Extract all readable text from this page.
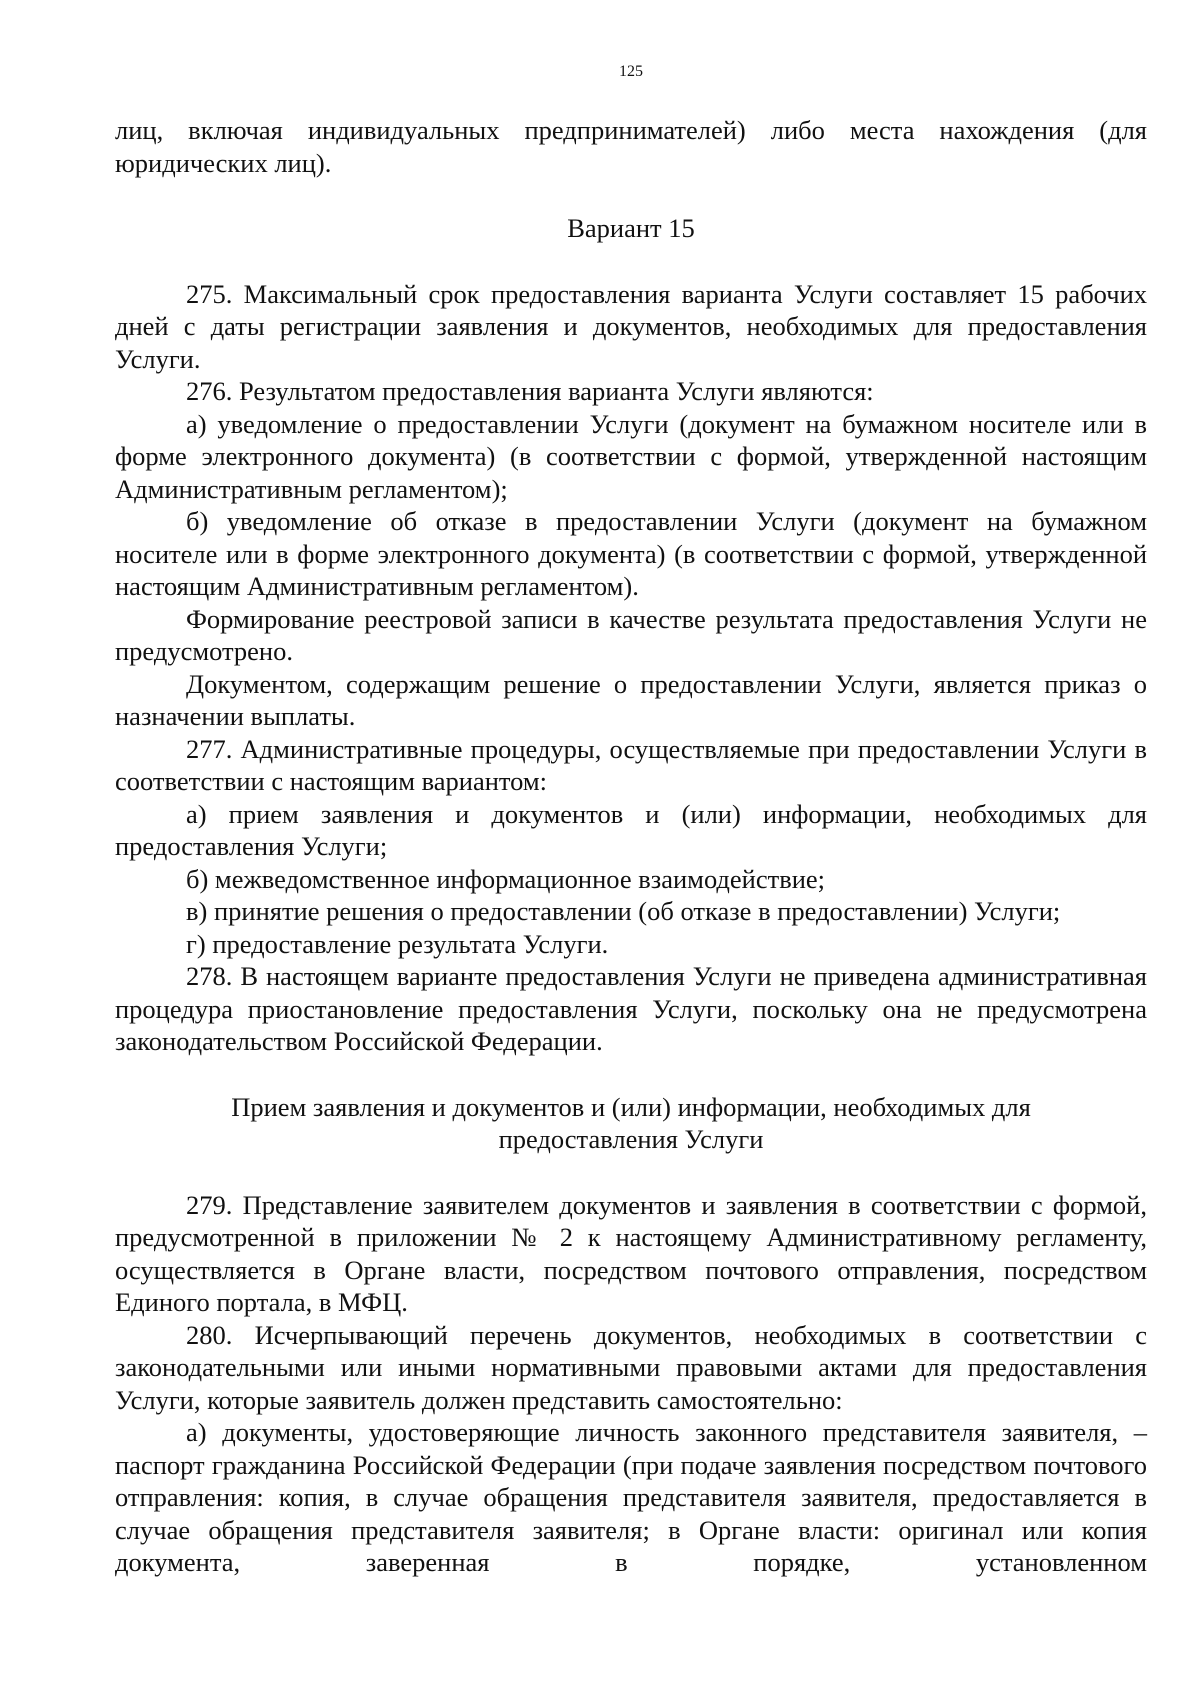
125

лиц, включая индивидуальных предпринимателей) либо места нахождения (для юридических лиц).

Вариант 15

275. Максимальный срок предоставления варианта Услуги составляет 15 рабочих дней с даты регистрации заявления и документов, необходимых для предоставления Услуги.

276. Результатом предоставления варианта Услуги являются:

а) уведомление о предоставлении Услуги (документ на бумажном носителе или в форме электронного документа) (в соответствии с формой, утвержденной настоящим Административным регламентом);

б) уведомление об отказе в предоставлении Услуги (документ на бумажном носителе или в форме электронного документа) (в соответствии с формой, утвержденной настоящим Административным регламентом).

Формирование реестровой записи в качестве результата предоставления Услуги не предусмотрено.

Документом, содержащим решение о предоставлении Услуги, является приказ о назначении выплаты.

277. Административные процедуры, осуществляемые при предоставлении Услуги в соответствии с настоящим вариантом:

а) прием заявления и документов и (или) информации, необходимых для предоставления Услуги;

б) межведомственное информационное взаимодействие;

в) принятие решения о предоставлении (об отказе в предоставлении) Услуги;

г) предоставление результата Услуги.

278. В настоящем варианте предоставления Услуги не приведена административная процедура приостановление предоставления Услуги, поскольку она не предусмотрена законодательством Российской Федерации.

Прием заявления и документов и (или) информации, необходимых для предоставления Услуги

279. Представление заявителем документов и заявления в соответствии с формой, предусмотренной в приложении № 2 к настоящему Административному регламенту, осуществляется в Органе власти, посредством почтового отправления, посредством Единого портала, в МФЦ.

280. Исчерпывающий перечень документов, необходимых в соответствии с законодательными или иными нормативными правовыми актами для предоставления Услуги, которые заявитель должен представить самостоятельно:

а) документы, удостоверяющие личность законного представителя заявителя, – паспорт гражданина Российской Федерации (при подаче заявления посредством почтового отправления: копия, в случае обращения представителя заявителя, предоставляется в случае обращения представителя заявителя; в Органе власти: оригинал или копия документа, заверенная в порядке, установленном
